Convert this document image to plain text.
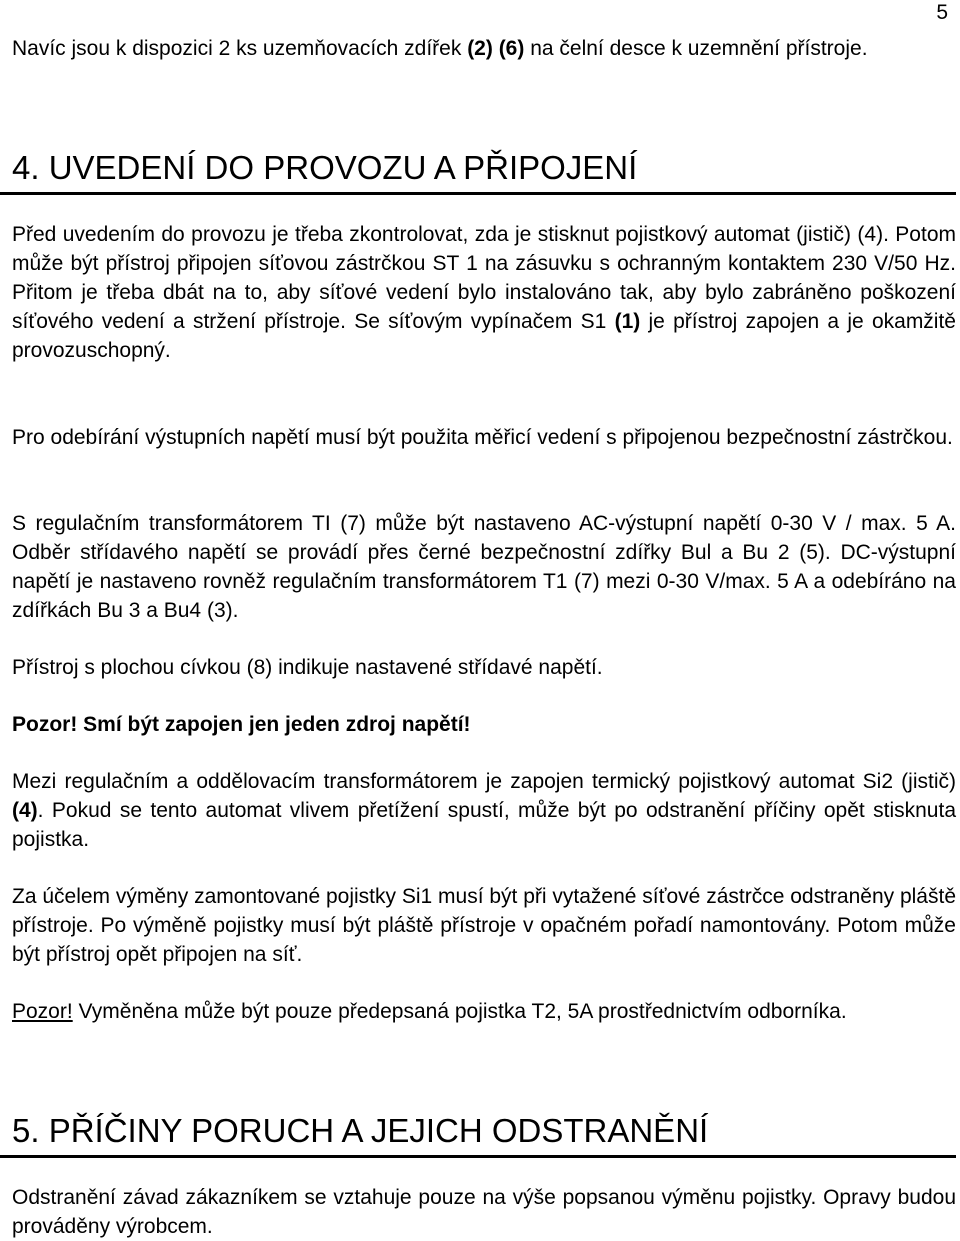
5

Navíc jsou k dispozici 2 ks uzemňovacích zdířek (2) (6) na čelní desce k uzemnění přístroje.

4. UVEDENÍ DO PROVOZU A PŘIPOJENÍ

Před uvedením do provozu je třeba zkontrolovat, zda je stisknut pojistkový automat (jistič) (4). Potom může být přístroj připojen síťovou zástrčkou ST 1 na zásuvku s ochranným kontaktem 230 V/50 Hz. Přitom je třeba dbát na to, aby síťové vedení bylo instalováno tak, aby bylo zabráněno poškození síťového vedení a stržení přístroje. Se síťovým vypínačem S1 (1) je přístroj zapojen a je okamžitě provozuschopný.

Pro odebírání výstupních napětí musí být použita měřicí vedení s připojenou bezpečnostní zástrčkou.

S regulačním transformátorem TI (7) může být nastaveno AC-výstupní napětí 0-30 V / max. 5 A. Odběr střídavého napětí se provádí přes černé bezpečnostní zdířky Bul a Bu 2 (5). DC-výstupní napětí je nastaveno rovněž regulačním transformátorem T1 (7) mezi 0-30 V/max. 5 A a odebíráno na zdířkách Bu 3 a Bu4 (3).

Přístroj s plochou cívkou (8) indikuje nastavené střídavé napětí.

Pozor! Smí být zapojen jen jeden zdroj napětí!

Mezi regulačním a oddělovacím transformátorem je zapojen termický pojistkový automat Si2 (jistič) (4). Pokud se tento automat vlivem přetížení spustí, může být po odstranění příčiny opět stisknuta pojistka.

Za účelem výměny zamontované pojistky Si1 musí být při vytažené síťové zástrčce odstraněny pláště přístroje. Po výměně pojistky musí být pláště přístroje v opačném pořadí namontovány. Potom může být přístroj opět připojen na síť.

Pozor! Vyměněna může být pouze předepsaná pojistka T2, 5A prostřednictvím odborníka.

5. PŘÍČINY PORUCH A JEJICH ODSTRANĚNÍ

Odstranění závad zákazníkem se vztahuje pouze na výše popsanou výměnu pojistky. Opravy budou prováděny výrobcem.
